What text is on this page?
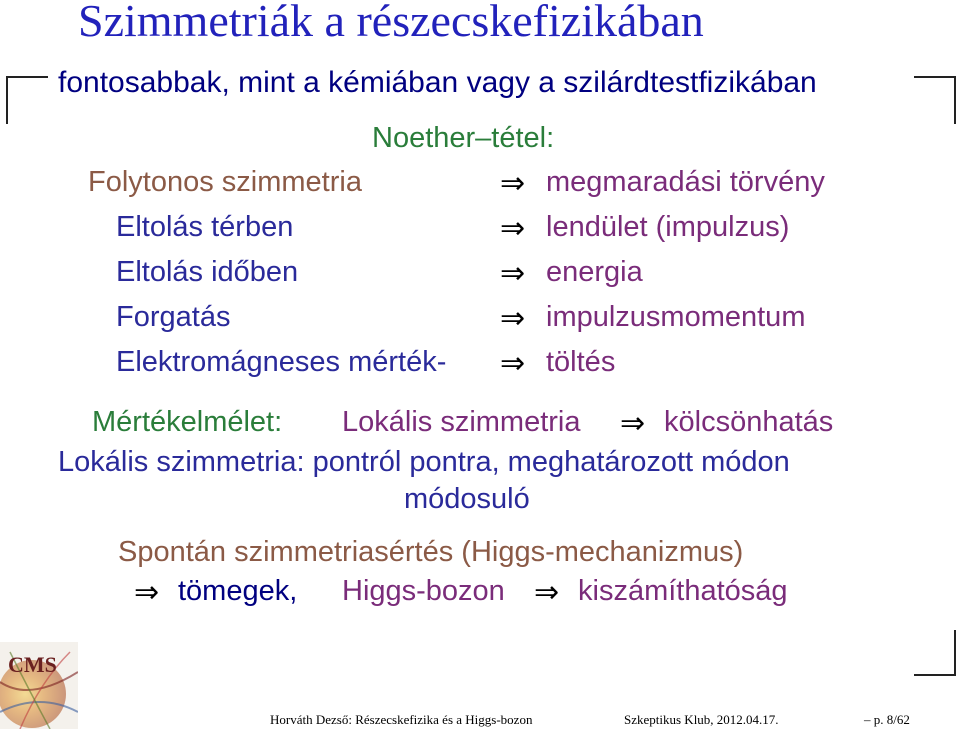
Szimmetriák a részecskefizikában
fontosabbak, mint a kémiában vagy a szilárdtestfizikában
Noether–tétel:
Folytonos szimmetria	⇒ megmaradási törvény
Eltolás térben	⇒ lendület (impulzus)
Eltolás időben	⇒ energia
Forgatás	⇒ impulzusmomentum
Elektromágneses mérték- ⇒ töltés
Mértékelmélet: Lokális szimmetria ⇒ kölcsönhatás
Lokális szimmetria: pontról pontra, meghatározott módon
módosuló
Spontán szimmetriasértés (Higgs-mechanizmus)
⇒ tömegek, Higgs-bozon ⇒ kiszámíthatóság
CMS
Horváth Dezső: Részecskefizika és a Higgs-bozon	Szkeptikus Klub, 2012.04.17.	– p. 8/62
